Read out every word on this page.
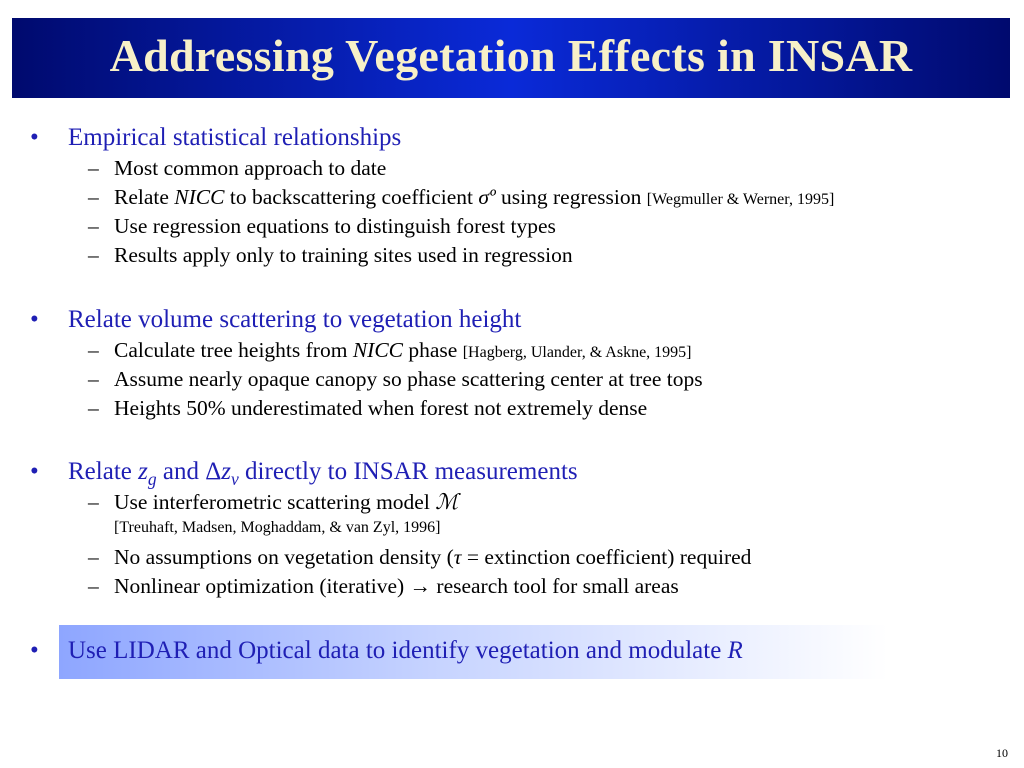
Addressing Vegetation Effects in INSAR
• Empirical statistical relationships
– Most common approach to date
– Relate NICC to backscattering coefficient σº using regression [Wegmuller & Werner, 1995]
– Use regression equations to distinguish forest types
– Results apply only to training sites used in regression
• Relate volume scattering to vegetation height
– Calculate tree heights from NICC phase [Hagberg, Ulander, & Askne, 1995]
– Assume nearly opaque canopy so phase scattering center at tree tops
– Heights 50% underestimated when forest not extremely dense
• Relate $z_g$ and $\Delta z_v$ directly to INSAR measurements
– Use interferometric scattering model ℳ
[Treuhaft, Madsen, Moghaddam, & van Zyl, 1996]
– No assumptions on vegetation density (τ = extinction coefficient) required
– Nonlinear optimization (iterative) → research tool for small areas
• Use LIDAR and Optical data to identify vegetation and modulate R
10
